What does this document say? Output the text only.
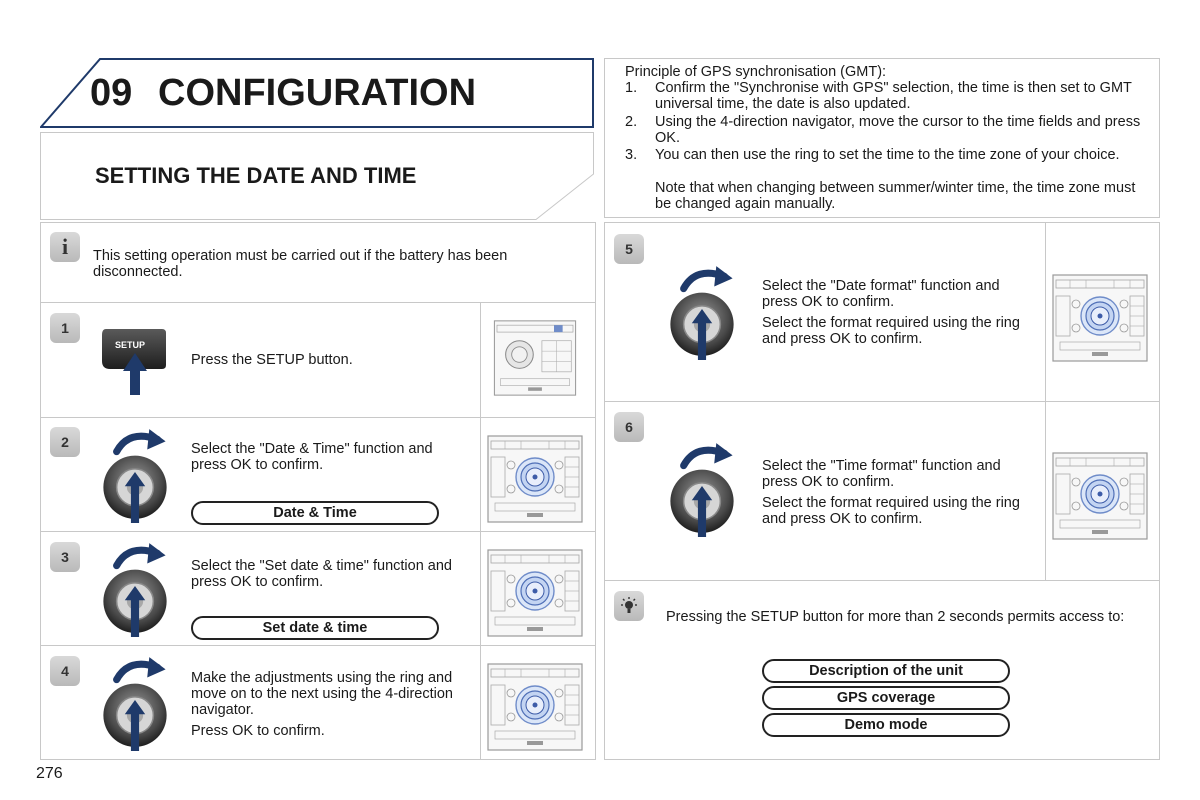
09 CONFIGURATION
SETTING THE DATE AND TIME
Principle of GPS synchronisation (GMT):
1. Confirm the "Synchronise with GPS" selection, the time is then set to GMT universal time, the date is also updated.
2. Using the 4-direction navigator, move the cursor to the time fields and press OK.
3. You can then use the ring to set the time to the time zone of your choice.
Note that when changing between summer/winter time, the time zone must be changed again manually.
i	This setting operation must be carried out if the battery has been disconnected.
1
SETUP
Press the SETUP button.
2	Select the "Date & Time" function and press OK to confirm.
Date & Time
3
Select the "Set date & time" function and press OK to confirm.
Set date & time
4	Make the adjustments using the ring and move on to the next using the 4-direction navigator.
Press OK to confirm.
5
Select the "Date format" function and press OK to confirm.
Select the format required using the ring and press OK to confirm.
6
Select the "Time format" function and press OK to confirm.
Select the format required using the ring and press OK to confirm.
Pressing the SETUP button for more than 2 seconds permits access to:
Description of the unit
GPS coverage
Demo mode
276
